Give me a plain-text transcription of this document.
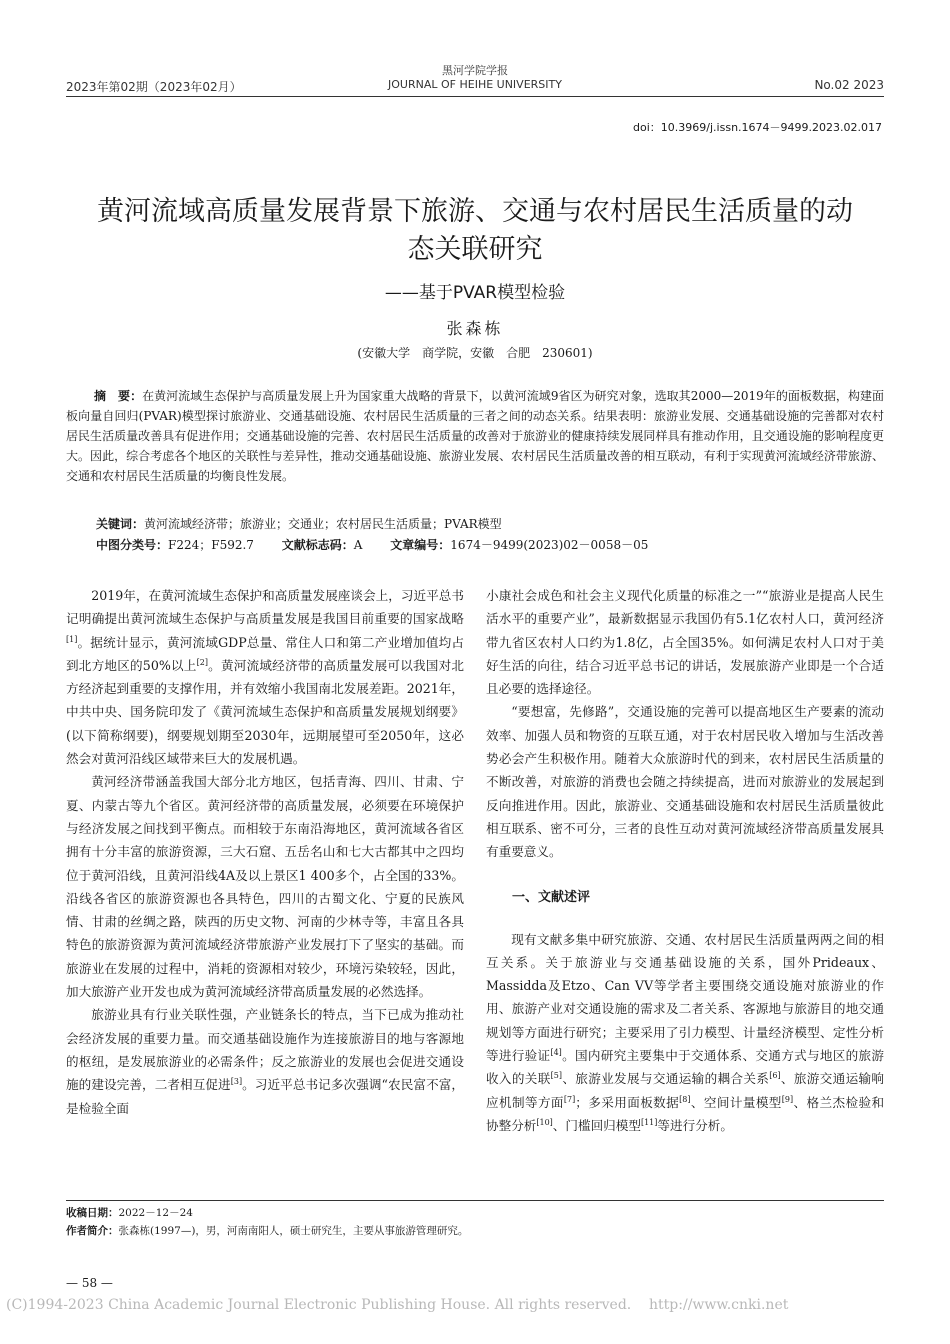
2023年第02期（2023年02月）
黑河学院学报
JOURNAL OF HEIHE UNIVERSITY	No.02 2023
doi：10.3969/j.issn.1674－9499.2023.02.017
黄河流域高质量发展背景下旅游、交通与农村居民生活质量的动
态关联研究
——基于PVAR模型检验
张森栋
(安徽大学　商学院，安徽　合肥　230601)
摘　要：在黄河流域生态保护与高质量发展上升为国家重大战略的背景下，以黄河流域9省区为研究对象，选取其2000—2019年的面板数据，构建面板向量自回归(PVAR)模型探讨旅游业、交通基础设施、农村居民生活质量的三者之间的动态关系。结果表明：旅游业发展、交通基础设施的完善都对农村居民生活质量改善具有促进作用；交通基础设施的完善、农村居民生活质量的改善对于旅游业的健康持续发展同样具有推动作用，且交通设施的影响程度更大。因此，综合考虑各个地区的关联性与差异性，推动交通基础设施、旅游业发展、农村居民生活质量改善的相互联动，有利于实现黄河流域经济带旅游、交通和农村居民生活质量的均衡良性发展。
关键词：黄河流域经济带；旅游业；交通业；农村居民生活质量；PVAR模型
中图分类号：F224；F592.7 文献标志码：A 文章编号：1674－9499(2023)02－0058－05

2019年，在黄河流域生态保护和高质量发展座谈会上，习近平总书记明确提出黄河流域生态保护与高质量发展是我国目前重要的国家战略[1]。据统计显示，黄河流域GDP总量、常住人口和第二产业增加值均占到北方地区的50%以上[2]。黄河流域经济带的高质量发展可以我国对北方经济起到重要的支撑作用，并有效缩小我国南北发展差距。2021年，中共中央、国务院印发了《黄河流域生态保护和高质量发展规划纲要》(以下简称纲要)，纲要规划期至2030年，远期展望可至2050年，这必然会对黄河沿线区域带来巨大的发展机遇。

黄河经济带涵盖我国大部分北方地区，包括青海、四川、甘肃、宁夏、内蒙古等九个省区。黄河经济带的高质量发展，必须要在环境保护与经济发展之间找到平衡点。而相较于东南沿海地区，黄河流域各省区拥有十分丰富的旅游资源，三大石窟、五岳名山和七大古都其中之四均位于黄河沿线，且黄河沿线4A及以上景区1 400多个，占全国的33%。沿线各省区的旅游资源也各具特色，四川的古蜀文化、宁夏的民族风情、甘肃的丝绸之路，陕西的历史文物、河南的少林寺等，丰富且各具特色的旅游资源为黄河流域经济带旅游产业发展打下了坚实的基础。而旅游业在发展的过程中，消耗的资源相对较少，环境污染较轻，因此，加大旅游产业开发也成为黄河流域经济带高质量发展的必然选择。

旅游业具有行业关联性强，产业链条长的特点，当下已成为推动社会经济发展的重要力量。而交通基础设施作为连接旅游目的地与客源地的枢纽，是发展旅游业的必需条件；反之旅游业的发展也会促进交通设施的建设完善，二者相互促进[3]。习近平总书记多次强调“农民富不富，是检验全面

小康社会成色和社会主义现代化质量的标准之一”“旅游业是提高人民生活水平的重要产业”，最新数据显示我国仍有5.1亿农村人口，黄河经济带九省区农村人口约为1.8亿，占全国35%。如何满足农村人口对于美好生活的向往，结合习近平总书记的讲话，发展旅游产业即是一个合适且必要的选择途径。

“要想富，先修路”，交通设施的完善可以提高地区生产要素的流动效率、加强人员和物资的互联互通，对于农村居民收入增加与生活改善势必会产生积极作用。随着大众旅游时代的到来，农村居民生活质量的不断改善，对旅游的消费也会随之持续提高，进而对旅游业的发展起到反向推进作用。因此，旅游业、交通基础设施和农村居民生活质量彼此相互联系、密不可分，三者的良性互动对黄河流域经济带高质量发展具有重要意义。

一、文献述评

现有文献多集中研究旅游、交通、农村居民生活质量两两之间的相互关系。关于旅游业与交通基础设施的关系，国外Prideaux、Massidda及Etzo、Can VV等学者主要围绕交通设施对旅游业的作用、旅游产业对交通设施的需求及二者关系、客源地与旅游目的地交通规划等方面进行研究；主要采用了引力模型、计量经济模型、定性分析等进行验证[4]。国内研究主要集中于交通体系、交通方式与地区的旅游收入的关联[5]、旅游业发展与交通运输的耦合关系[6]、旅游交通运输响应机制等方面[7]；多采用面板数据[8]、空间计量模型[9]、格兰杰检验和协整分析[10]、门槛回归模型[11]等进行分析。

收稿日期：2022－12－24
作者简介：张森栋(1997—)，男，河南南阳人，硕士研究生，主要从事旅游管理研究。
— 58 —
(C)1994-2023 China Academic Journal Electronic Publishing House. All rights reserved.    http://www.cnki.net
